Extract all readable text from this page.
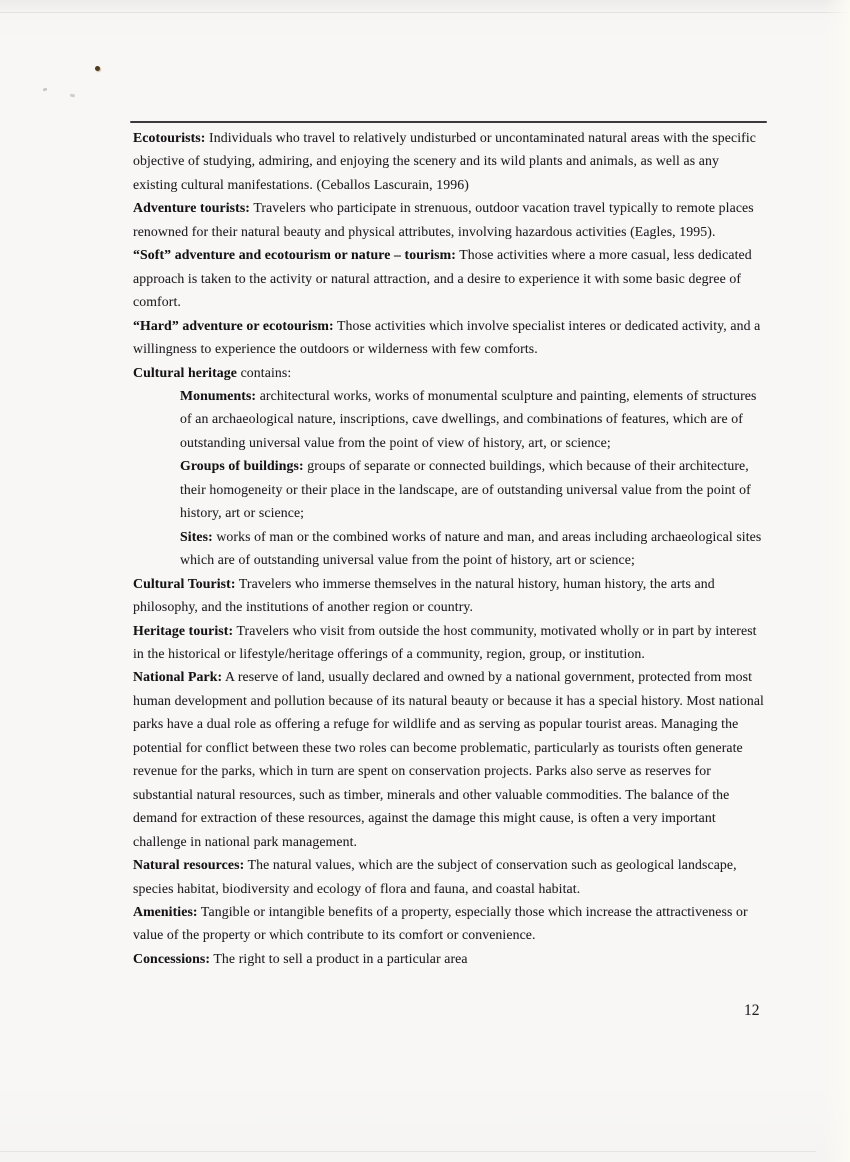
Ecotourists: Individuals who travel to relatively undisturbed or uncontaminated natural areas with the specific objective of studying, admiring, and enjoying the scenery and its wild plants and animals, as well as any existing cultural manifestations. (Ceballos Lascurain, 1996)

Adventure tourists: Travelers who participate in strenuous, outdoor vacation travel typically to remote places renowned for their natural beauty and physical attributes, involving hazardous activities (Eagles, 1995).

“Soft” adventure and ecotourism or nature – tourism: Those activities where a more casual, less dedicated approach is taken to the activity or natural attraction, and a desire to experience it with some basic degree of comfort.

“Hard” adventure or ecotourism: Those activities which involve specialist interes or dedicated activity, and a willingness to experience the outdoors or wilderness with few comforts.

Cultural heritage contains:

Monuments: architectural works, works of monumental sculpture and painting, elements of structures of an archaeological nature, inscriptions, cave dwellings, and combinations of features, which are of outstanding universal value from the point of view of history, art, or science;

Groups of buildings: groups of separate or connected buildings, which because of their architecture, their homogeneity or their place in the landscape, are of outstanding universal value from the point of history, art or science;

Sites: works of man or the combined works of nature and man, and areas including archaeological sites which are of outstanding universal value from the point of history, art or science;

Cultural Tourist: Travelers who immerse themselves in the natural history, human history, the arts and philosophy, and the institutions of another region or country.

Heritage tourist: Travelers who visit from outside the host community, motivated wholly or in part by interest in the historical or lifestyle/heritage offerings of a community, region, group, or institution.

National Park: A reserve of land, usually declared and owned by a national government, protected from most human development and pollution because of its natural beauty or because it has a special history. Most national parks have a dual role as offering a refuge for wildlife and as serving as popular tourist areas. Managing the potential for conflict between these two roles can become problematic, particularly as tourists often generate revenue for the parks, which in turn are spent on conservation projects. Parks also serve as reserves for substantial natural resources, such as timber, minerals and other valuable commodities. The balance of the demand for extraction of these resources, against the damage this might cause, is often a very important challenge in national park management.

Natural resources: The natural values, which are the subject of conservation such as geological landscape, species habitat, biodiversity and ecology of flora and fauna, and coastal habitat.

Amenities: Tangible or intangible benefits of a property, especially those which increase the attractiveness or value of the property or which contribute to its comfort or convenience.

Concessions: The right to sell a product in a particular area

12
